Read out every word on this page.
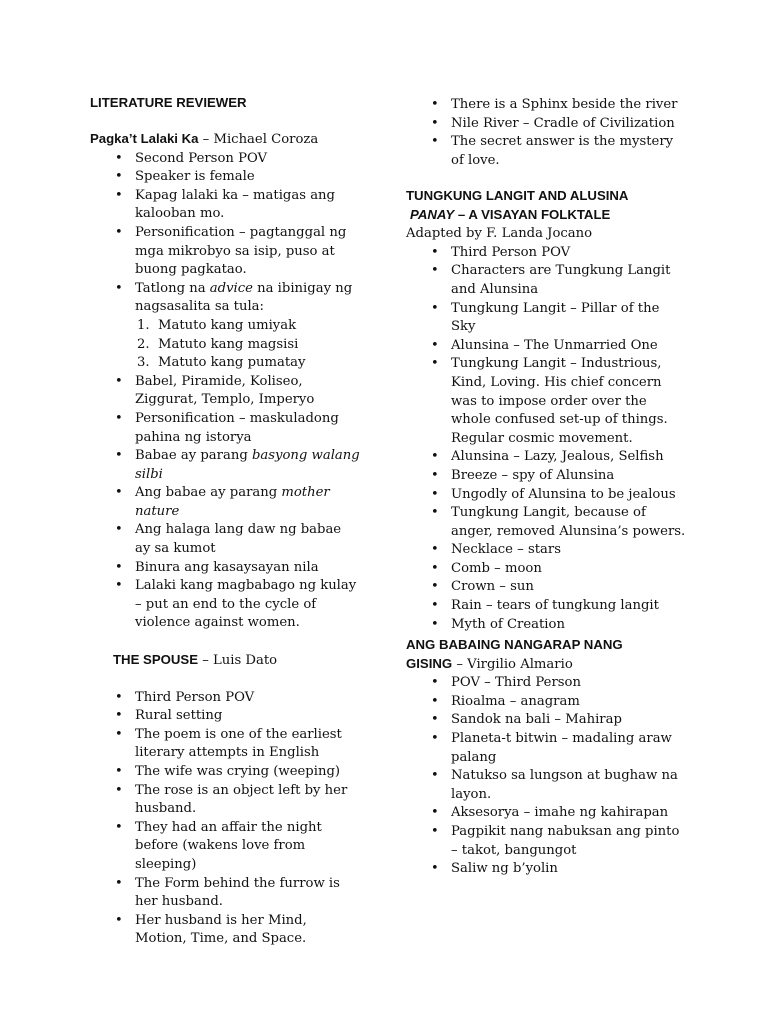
LITERATURE REVIEWER
Pagka’t Lalaki Ka – Michael Coroza
• Second Person POV
• Speaker is female
• Kapag lalaki ka – matigas ang kalooban mo.
• Personification – pagtanggal ng mga mikrobyo sa isip, puso at buong pagkatao.
• Tatlong na advice na ibinigay ng nagsasalita sa tula:
1. Matuto kang umiyak
2. Matuto kang magsisi
3. Matuto kang pumatay
• Babel, Piramide, Koliseo, Ziggurat, Templo, Imperyo
• Personification – maskuladong pahina ng istorya
• Babae ay parang basyong walang silbi
• Ang babae ay parang mother nature
• Ang halaga lang daw ng babae ay sa kumot
• Binura ang kasaysayan nila
• Lalaki kang magbabago ng kulay – put an end to the cycle of violence against women.
THE SPOUSE – Luis Dato
• Third Person POV
• Rural setting
• The poem is one of the earliest literary attempts in English
• The wife was crying (weeping)
• The rose is an object left by her husband.
• They had an affair the night before (wakens love from sleeping)
• The Form behind the furrow is her husband.
• Her husband is her Mind, Motion, Time, and Space.
• There is a Sphinx beside the river
• Nile River – Cradle of Civilization
• The secret answer is the mystery of love.
TUNGKUNG LANGIT AND ALUSINA
PANAY – A VISAYAN FOLKTALE
Adapted by F. Landa Jocano
• Third Person POV
• Characters are Tungkung Langit and Alunsina
• Tungkung Langit – Pillar of the Sky
• Alunsina – The Unmarried One
• Tungkung Langit – Industrious, Kind, Loving. His chief concern was to impose order over the whole confused set-up of things. Regular cosmic movement.
• Alunsina – Lazy, Jealous, Selfish
• Breeze – spy of Alunsina
• Ungodly of Alunsina to be jealous
• Tungkung Langit, because of anger, removed Alunsina’s powers.
• Necklace – stars
• Comb – moon
• Crown – sun
• Rain – tears of tungkung langit
• Myth of Creation
ANG BABAING NANGARAP NANG
GISING – Virgilio Almario
• POV – Third Person
• Rioalma – anagram
• Sandok na bali – Mahirap
• Planeta-t bitwin – madaling araw palang
• Natukso sa lungson at bughaw na layon.
• Aksesorya – imahe ng kahirapan
• Pagpikit nang nabuksan ang pinto – takot, bangungot
• Saliw ng b’yolin
